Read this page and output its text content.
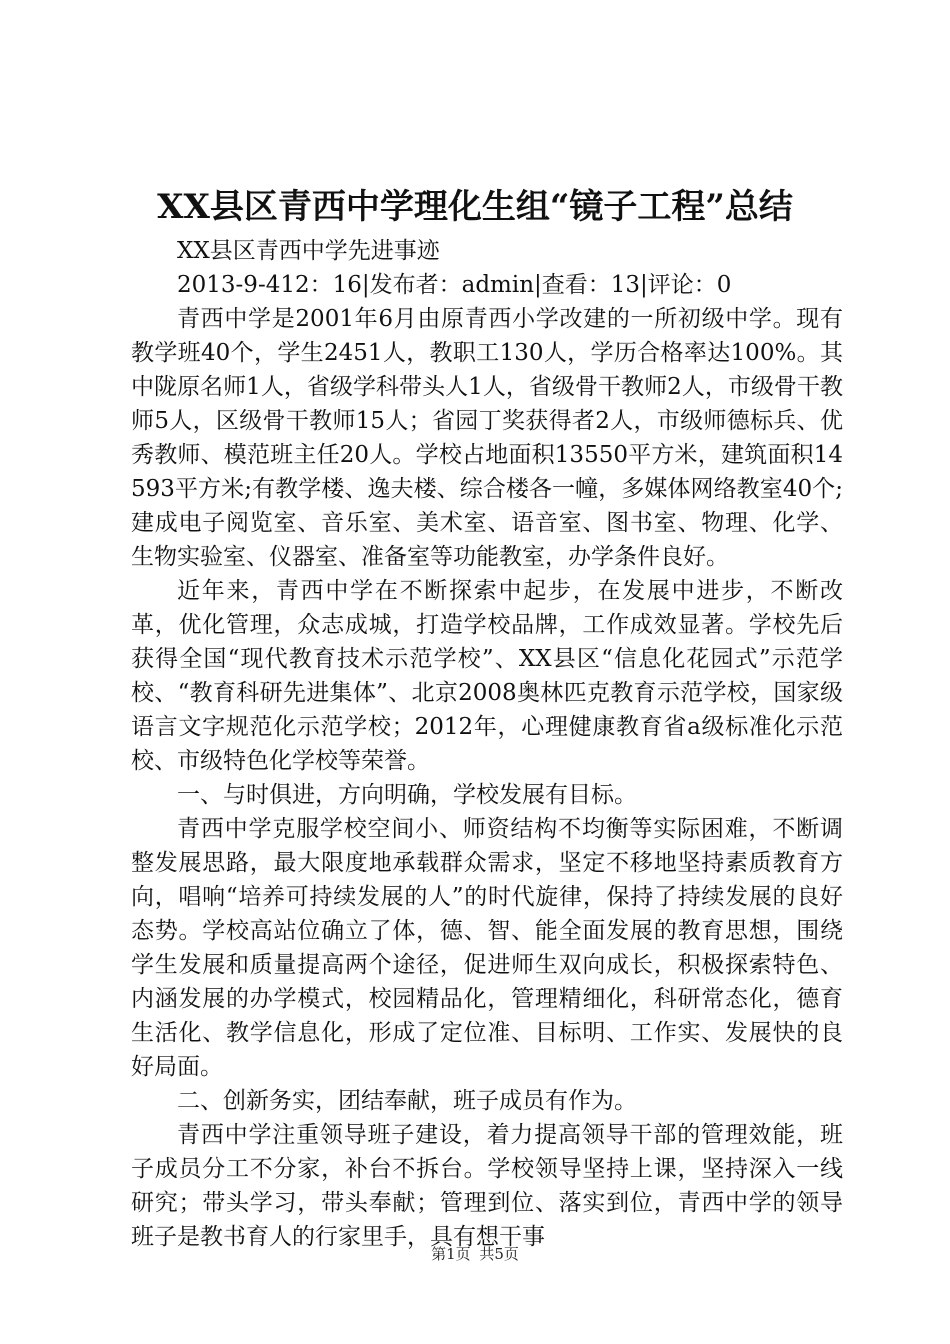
XX县区青西中学理化生组“镜子工程”总结

XX县区青西中学先进事迹

2013-9-412：16|发布者：admin|查看：13|评论：0

青西中学是2001年6月由原青西小学改建的一所初级中学。现有教学班40个，学生2451人，教职工130人，学历合格率达100%。其中陇原名师1人，省级学科带头人1人，省级骨干教师2人，市级骨干教师5人，区级骨干教师15人；省园丁奖获得者2人，市级师德标兵、优秀教师、模范班主任20人。学校占地面积13550平方米，建筑面积14593平方米;有教学楼、逸夫楼、综合楼各一幢，多媒体网络教室40个;建成电子阅览室、音乐室、美术室、语音室、图书室、物理、化学、生物实验室、仪器室、准备室等功能教室，办学条件良好。

近年来，青西中学在不断探索中起步，在发展中进步，不断改革，优化管理，众志成城，打造学校品牌，工作成效显著。学校先后获得全国“现代教育技术示范学校”、XX县区“信息化花园式”示范学校、“教育科研先进集体”、北京2008奥林匹克教育示范学校，国家级语言文字规范化示范学校；2012年，心理健康教育省a级标准化示范校、市级特色化学校等荣誉。

一、与时俱进，方向明确，学校发展有目标。

青西中学克服学校空间小、师资结构不均衡等实际困难，不断调整发展思路，最大限度地承载群众需求，坚定不移地坚持素质教育方向，唱响“培养可持续发展的人”的时代旋律，保持了持续发展的良好态势。学校高站位确立了体，德、智、能全面发展的教育思想，围绕学生发展和质量提高两个途径，促进师生双向成长，积极探索特色、内涵发展的办学模式，校园精品化，管理精细化，科研常态化，德育生活化、教学信息化，形成了定位准、目标明、工作实、发展快的良好局面。

二、创新务实，团结奉献，班子成员有作为。

青西中学注重领导班子建设，着力提高领导干部的管理效能，班子成员分工不分家，补台不拆台。学校领导坚持上课，坚持深入一线研究；带头学习，带头奉献；管理到位、落实到位，青西中学的领导班子是教书育人的行家里手，具有想干事

第1页 共5页
